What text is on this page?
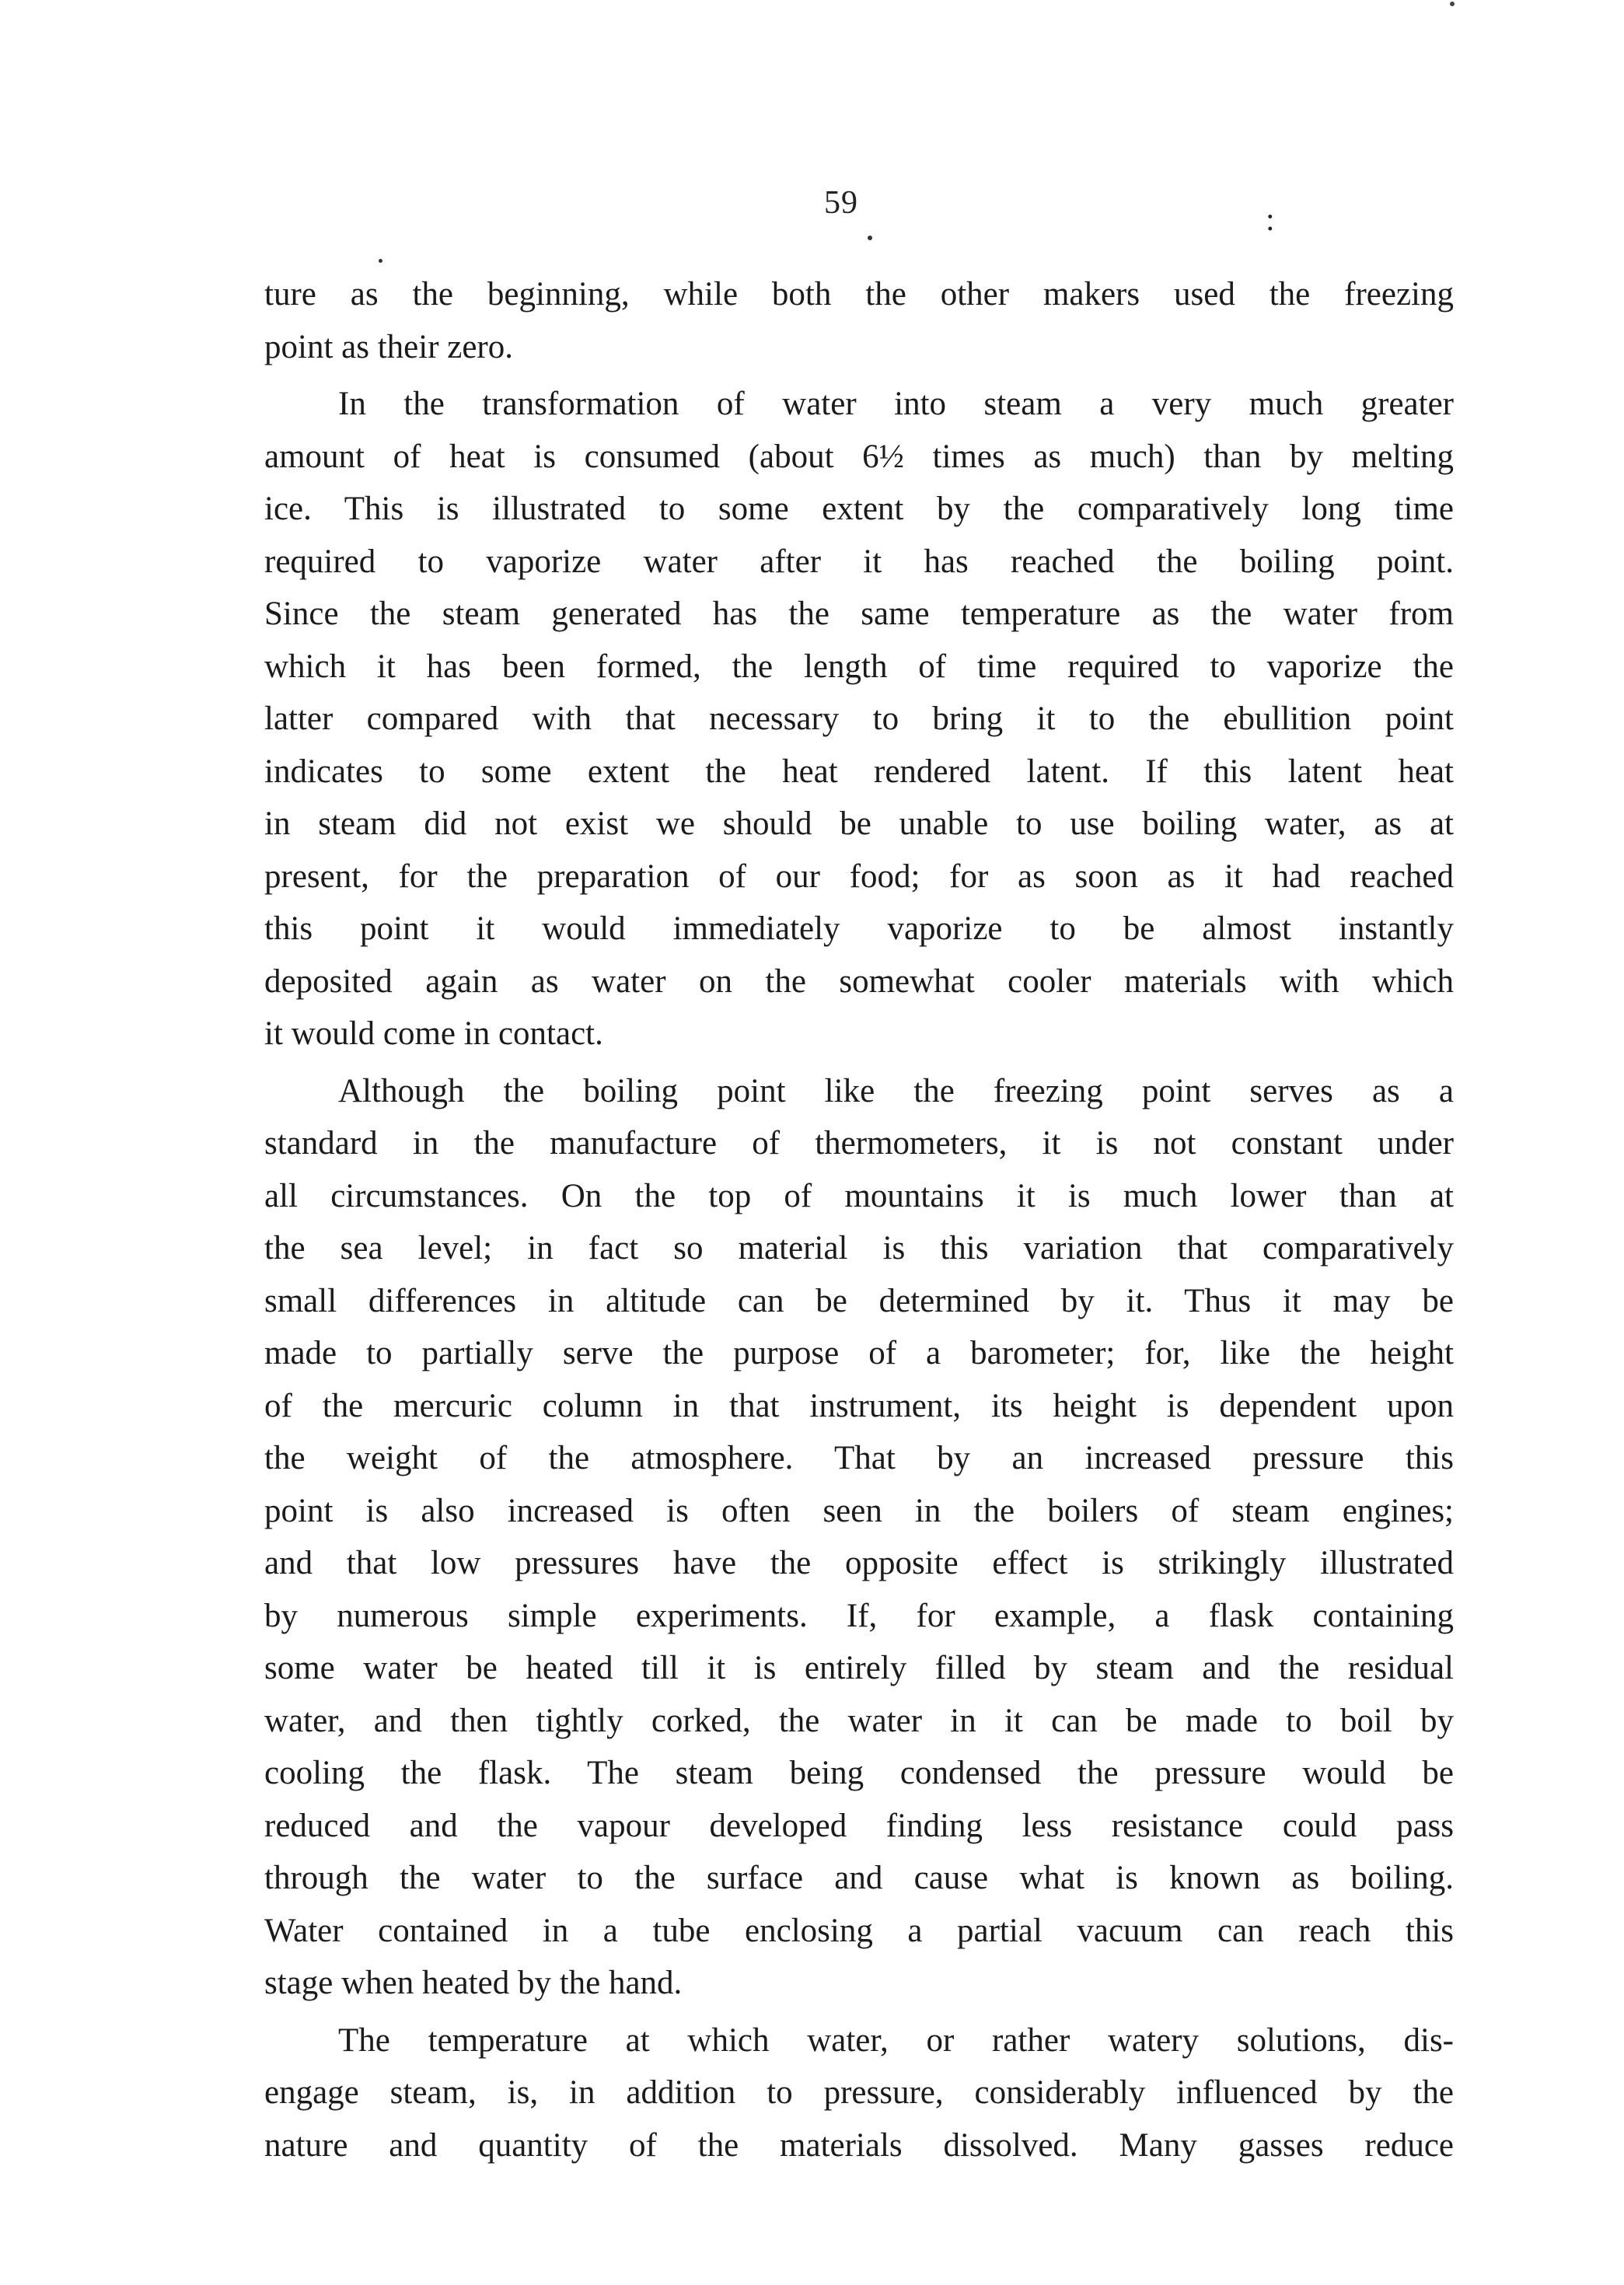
59	:
ture as the beginning, while both the other makers used the freezing
point as their zero.
In the transformation of water into steam a very much greater
amount of heat is consumed (about 6½ times as much) than by melting
ice. This is illustrated to some extent by the comparatively long time
required to vaporize water after it has reached the boiling point.
Since the steam generated has the same temperature as the water from
which it has been formed, the length of time required to vaporize the
latter compared with that necessary to bring it to the ebullition point
indicates to some extent the heat rendered latent. If this latent heat
in steam did not exist we should be unable to use boiling water, as at
present, for the preparation of our food; for as soon as it had reached
this point it would immediately vaporize to be almost instantly
deposited again as water on the somewhat cooler materials with which
it would come in contact.
Although the boiling point like the freezing point serves as a
standard in the manufacture of thermometers, it is not constant under
all circumstances. On the top of mountains it is much lower than at
the sea level; in fact so material is this variation that comparatively
small differences in altitude can be determined by it. Thus it may be
made to partially serve the purpose of a barometer; for, like the height
of the mercuric column in that instrument, its height is dependent upon
the weight of the atmosphere. That by an increased pressure this
point is also increased is often seen in the boilers of steam engines;
and that low pressures have the opposite effect is strikingly illustrated
by numerous simple experiments. If, for example, a flask containing
some water be heated till it is entirely filled by steam and the residual
water, and then tightly corked, the water in it can be made to boil by
cooling the flask. The steam being condensed the pressure would be
reduced and the vapour developed finding less resistance could pass
through the water to the surface and cause what is known as boiling.
Water contained in a tube enclosing a partial vacuum can reach this
stage when heated by the hand.
The temperature at which water, or rather watery solutions, dis-
engage steam, is, in addition to pressure, considerably influenced by the
nature and quantity of the materials dissolved. Many gasses reduce
